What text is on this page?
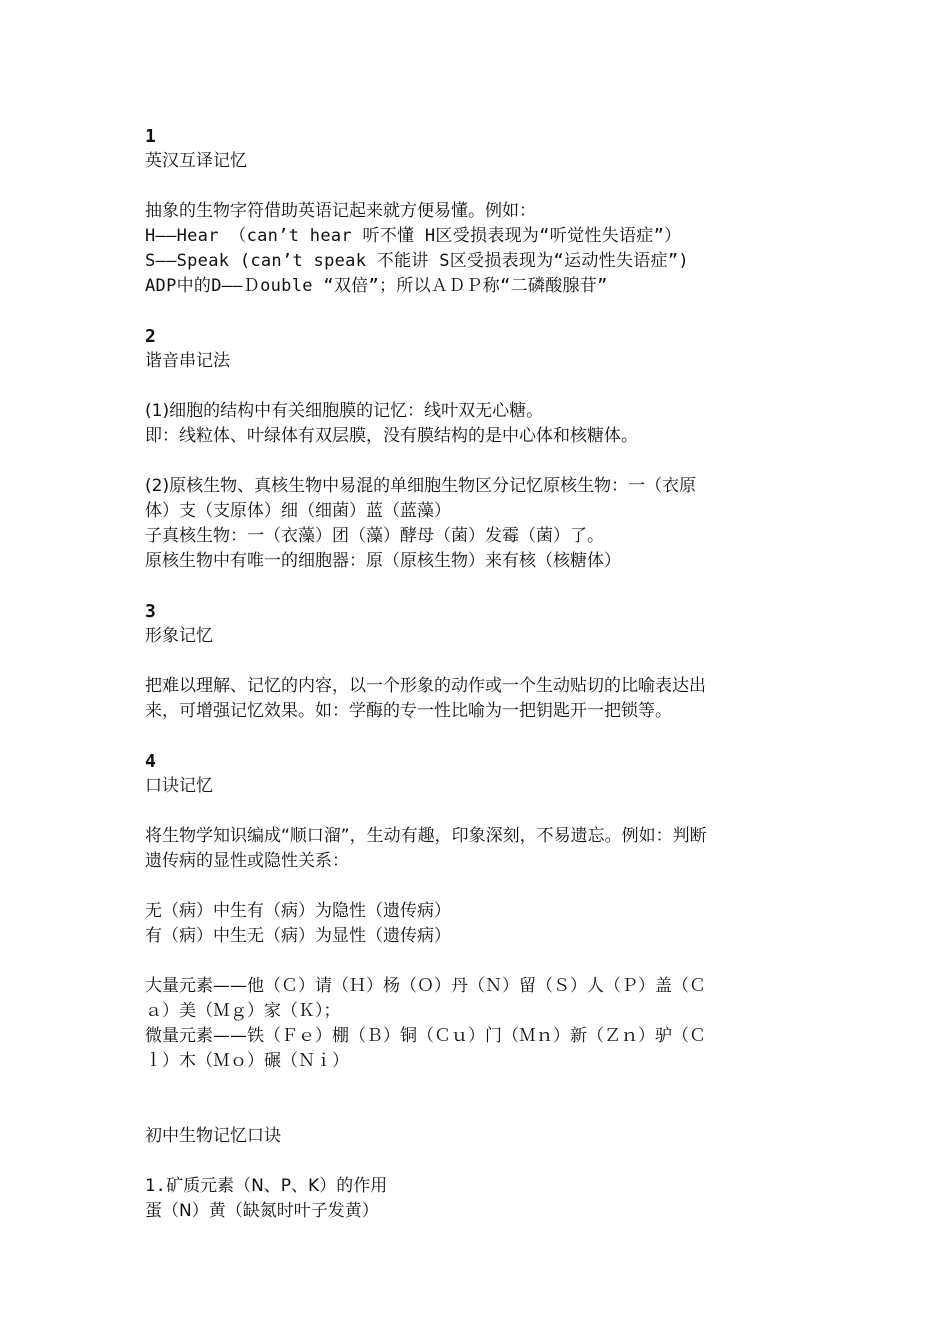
1
英汉互译记忆
抽象的生物字符借助英语记起来就方便易懂。例如：
H——Hear （can’t hear 听不懂 H区受损表现为“听觉性失语症”）
S——Speak (can’t speak 不能讲 S区受损表现为“运动性失语症”)
ADP中的D——Ｄouble “双倍”；所以ＡＤＰ称“二磷酸腺苷”
2
谐音串记法
(1)细胞的结构中有关细胞膜的记忆：线叶双无心糖。
即：线粒体、叶绿体有双层膜，没有膜结构的是中心体和核糖体。
(2)原核生物、真核生物中易混的单细胞生物区分记忆原核生物：一（衣原
体）支（支原体）细（细菌）蓝（蓝藻）
子真核生物：一（衣藻）团（藻）酵母（菌）发霉（菌）了。
原核生物中有唯一的细胞器：原（原核生物）来有核（核糖体）
3
形象记忆
把难以理解、记忆的内容，以一个形象的动作或一个生动贴切的比喻表达出
来，可增强记忆效果。如：学酶的专一性比喻为一把钥匙开一把锁等。
4
口诀记忆
将生物学知识编成“顺口溜”，生动有趣，印象深刻，不易遗忘。例如：判断
遗传病的显性或隐性关系：
无（病）中生有（病）为隐性（遗传病）
有（病）中生无（病）为显性（遗传病）
大量元素——他（Ｃ）请（Ｈ）杨（Ｏ）丹（Ｎ）留（Ｓ）人（Ｐ）盖（Ｃ
ａ）美（Ｍｇ）家（Ｋ）；
微量元素——铁（Ｆｅ）棚（Ｂ）铜（Ｃｕ）门（Ｍｎ）新（Ｚｎ）驴（Ｃ
ｌ）木（Ｍｏ）碾（Ｎｉ）
初中生物记忆口诀
1.矿质元素（N、P、K）的作用
蛋（N）黄（缺氮时叶子发黄）
